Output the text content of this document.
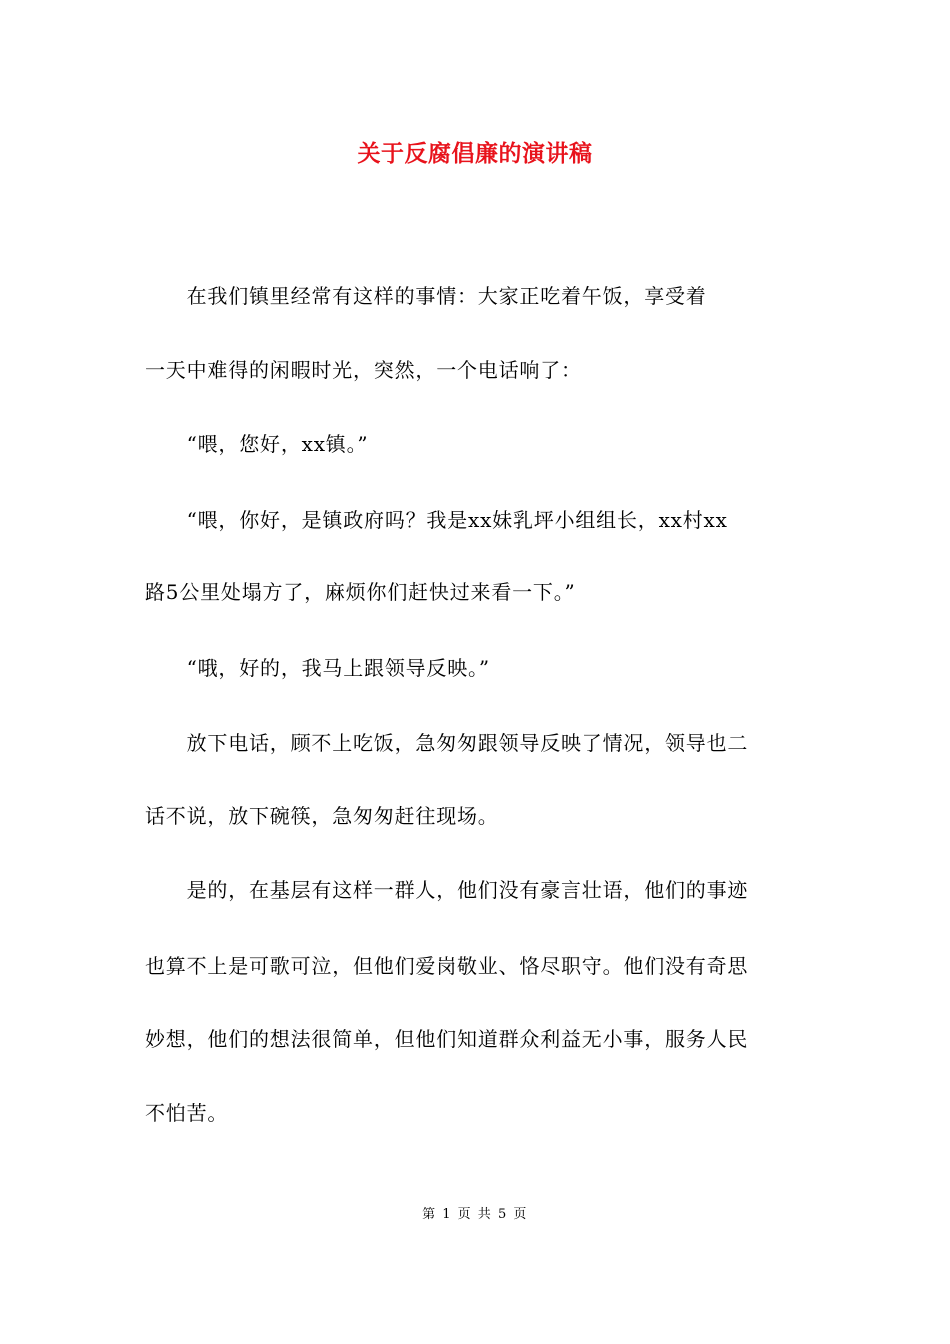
关于反腐倡廉的演讲稿
　　在我们镇里经常有这样的事情：大家正吃着午饭，享受着
一天中难得的闲暇时光，突然，一个电话响了：
　　“喂，您好，xx镇。”
　　“喂，你好，是镇政府吗？我是xx妹乳坪小组组长，xx村xx
路5公里处塌方了，麻烦你们赶快过来看一下。”
　　“哦，好的，我马上跟领导反映。”
　　放下电话，顾不上吃饭，急匆匆跟领导反映了情况，领导也二
话不说，放下碗筷，急匆匆赶往现场。
　　是的，在基层有这样一群人，他们没有豪言壮语，他们的事迹
也算不上是可歌可泣，但他们爱岗敬业、恪尽职守。他们没有奇思
妙想，他们的想法很简单，但他们知道群众利益无小事，服务人民
不怕苦。
第 1 页 共 5 页
